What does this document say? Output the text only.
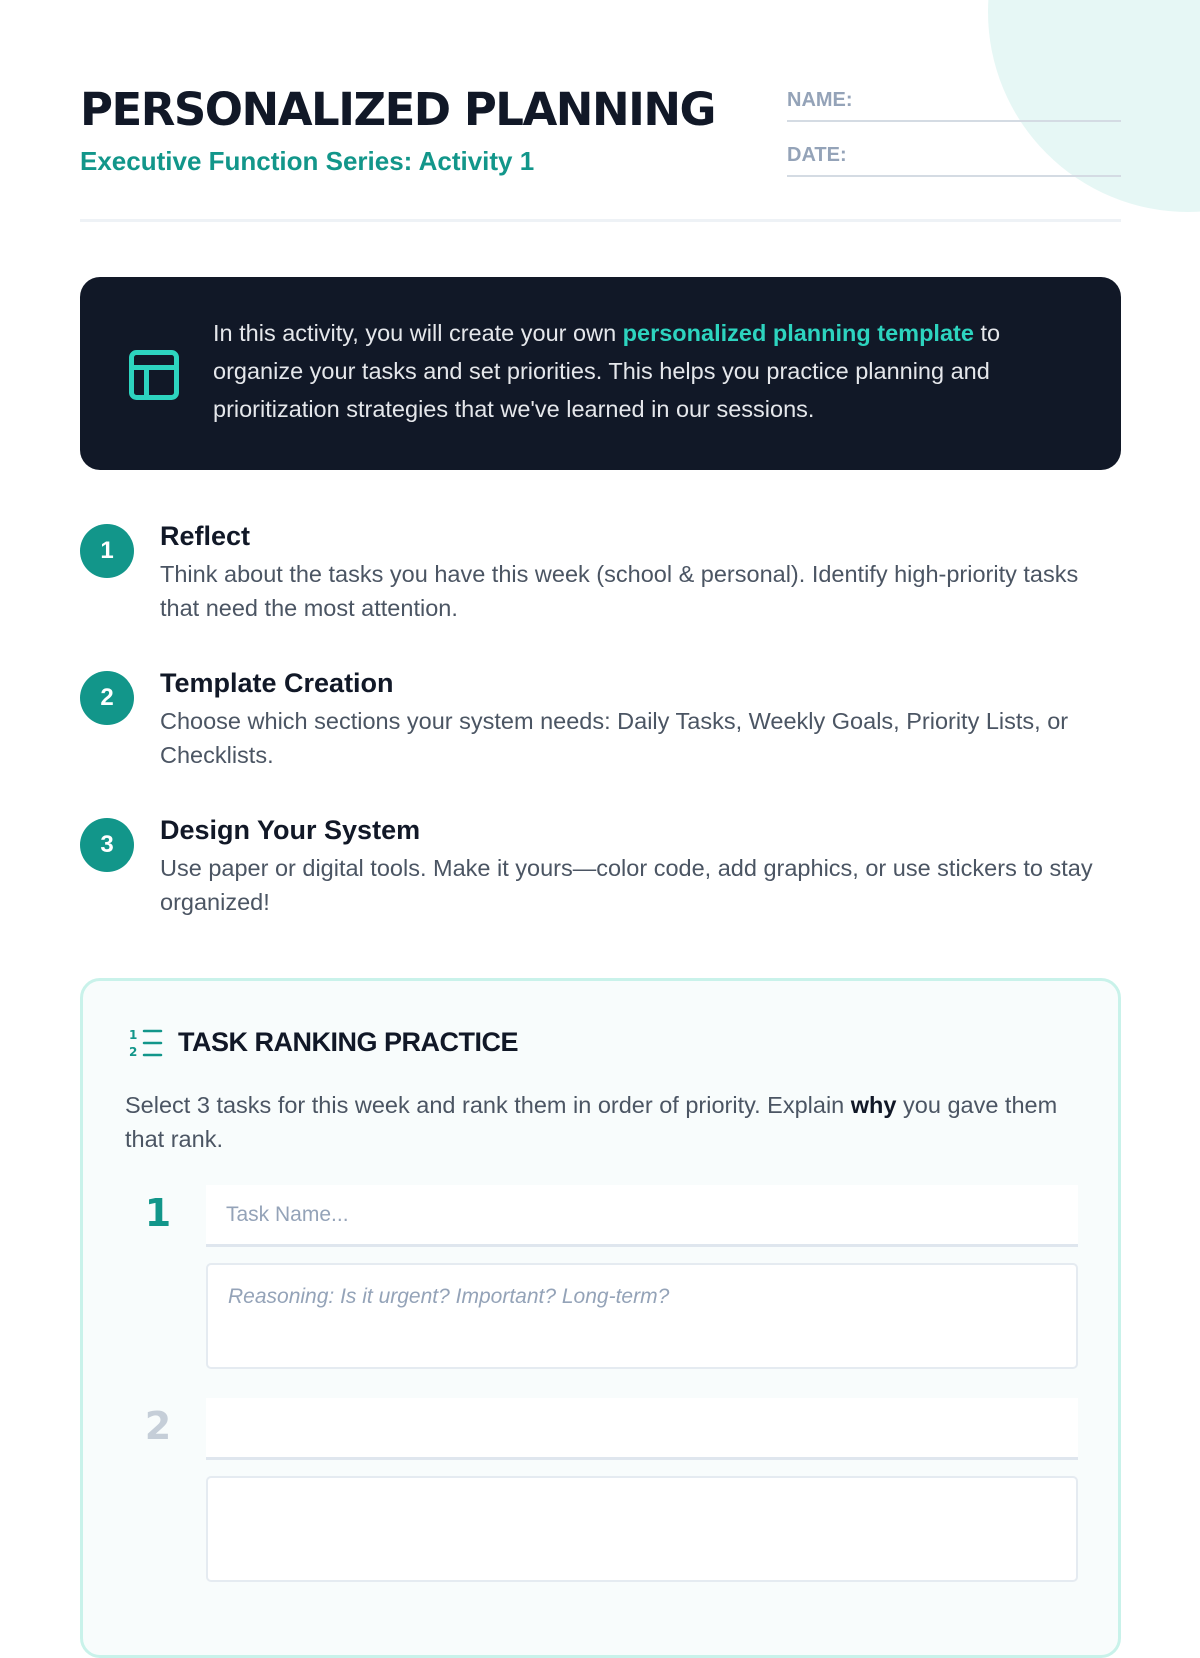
PERSONALIZED PLANNING
Executive Function Series: Activity 1
NAME:
DATE:

In this activity, you will create your own personalized planning template to organize your tasks and set priorities. This helps you practice planning and prioritization strategies that we've learned in our sessions.

1	Reflect

Think about the tasks you have this week (school & personal). Identify high-priority tasks that need the most attention.

2	Template Creation

Choose which sections your system needs: Daily Tasks, Weekly Goals, Priority Lists, or Checklists.

3	Design Your System

Use paper or digital tools. Make it yours—color code, add graphics, or use stickers to stay organized!

1
2 TASK RANKING PRACTICE

Select 3 tasks for this week and rank them in order of priority. Explain why you gave them that rank.

1
Task Name...
Reasoning: Is it urgent? Important? Long-term?
2
